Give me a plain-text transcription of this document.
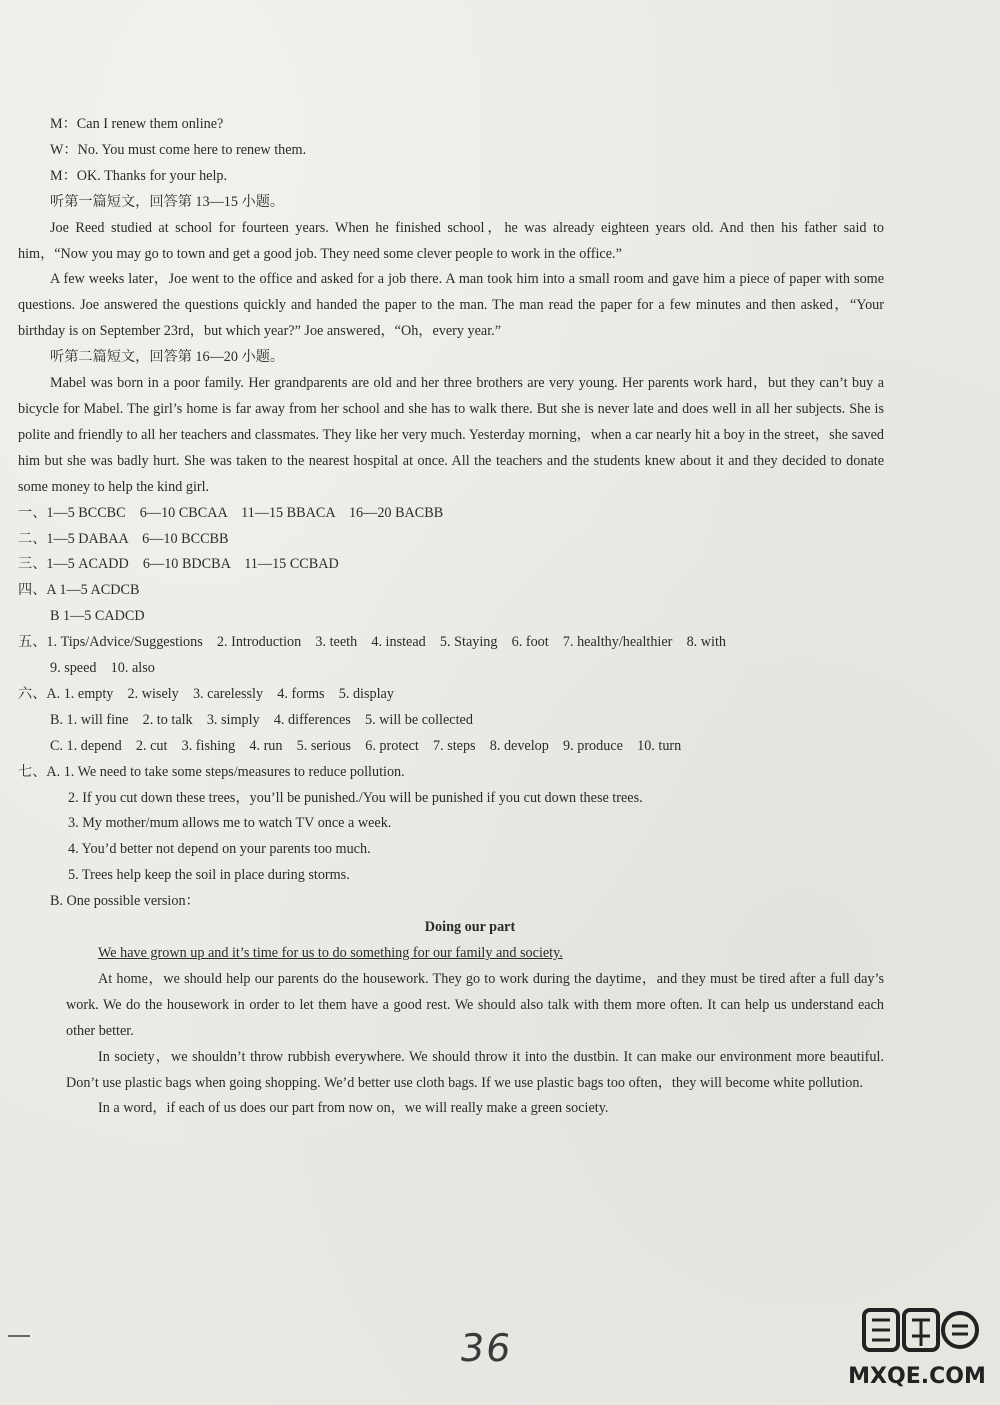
M：Can I renew them online?
W：No. You must come here to renew them.
M：OK. Thanks for your help.
听第一篇短文，回答第 13—15 小题。
Joe Reed studied at school for fourteen years. When he finished school，he was already eighteen years old. And then his father said to him，“Now you may go to town and get a good job. They need some clever people to work in the office.”
A few weeks later，Joe went to the office and asked for a job there. A man took him into a small room and gave him a piece of paper with some questions. Joe answered the questions quickly and handed the paper to the man. The man read the paper for a few minutes and then asked，“Your birthday is on September 23rd，but which year?” Joe answered，“Oh，every year.”
听第二篇短文，回答第 16—20 小题。
Mabel was born in a poor family. Her grandparents are old and her three brothers are very young. Her parents work hard，but they can’t buy a bicycle for Mabel. The girl’s home is far away from her school and she has to walk there. But she is never late and does well in all her subjects. She is polite and friendly to all her teachers and classmates. They like her very much. Yesterday morning，when a car nearly hit a boy in the street，she saved him but she was badly hurt. She was taken to the nearest hospital at once. All the teachers and the students knew about it and they decided to donate some money to help the kind girl.
一、1—5 BCCBC　6—10 CBCAA　11—15 BBACA　16—20 BACBB
二、1—5 DABAA　6—10 BCCBB
三、1—5 ACADD　6—10 BDCBA　11—15 CCBAD
四、A 1—5 ACDCB
B 1—5 CADCD
五、1. Tips/Advice/Suggestions　2. Introduction　3. teeth　4. instead　5. Staying　6. foot　7. healthy/healthier　8. with
9. speed　10. also
六、A. 1. empty　2. wisely　3. carelessly　4. forms　5. display
B. 1. will fine　2. to talk　3. simply　4. differences　5. will be collected
C. 1. depend　2. cut　3. fishing　4. run　5. serious　6. protect　7. steps　8. develop　9. produce　10. turn
七、A. 1. We need to take some steps/measures to reduce pollution.
2. If you cut down these trees，you’ll be punished./You will be punished if you cut down these trees.
3. My mother/mum allows me to watch TV once a week.
4. You’d better not depend on your parents too much.
5. Trees help keep the soil in place during storms.
B. One possible version：
Doing our part
We have grown up and it’s time for us to do something for our family and society.
At home，we should help our parents do the housework. They go to work during the daytime，and they must be tired after a full day’s work. We do the housework in order to let them have a good rest. We should also talk with them more often. It can help us understand each other better.
In society，we shouldn’t throw rubbish everywhere. We should throw it into the dustbin. It can make our environment more beautiful. Don’t use plastic bags when going shopping. We’d better use cloth bags. If we use plastic bags too often，they will become white pollution.
In a word，if each of us does our part from now on，we will really make a green society.
36
MXQE.COM
